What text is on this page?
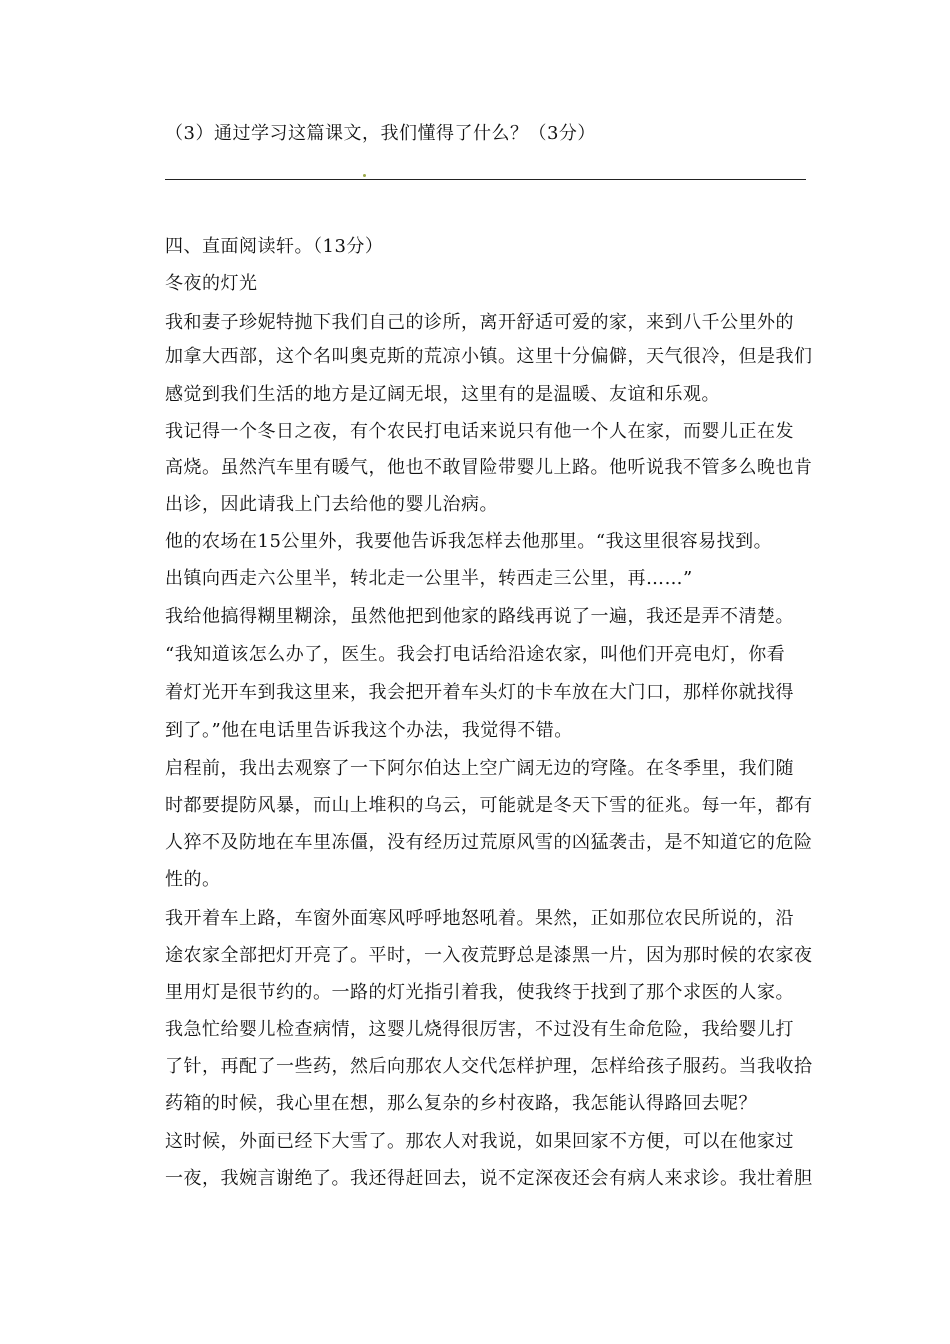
（3）通过学习这篇课文，我们懂得了什么？（3分）
四、直面阅读轩。（13分）
冬夜的灯光
我和妻子珍妮特抛下我们自己的诊所，离开舒适可爱的家，来到八千公里外的
加拿大西部，这个名叫奥克斯的荒凉小镇。这里十分偏僻，天气很冷，但是我们
感觉到我们生活的地方是辽阔无垠，这里有的是温暖、友谊和乐观。
我记得一个冬日之夜，有个农民打电话来说只有他一个人在家，而婴儿正在发
高烧。虽然汽车里有暖气，他也不敢冒险带婴儿上路。他听说我不管多么晚也肯
出诊，因此请我上门去给他的婴儿治病。
他的农场在15公里外，我要他告诉我怎样去他那里。“我这里很容易找到。
出镇向西走六公里半，转北走一公里半，转西走三公里，再……”
我给他搞得糊里糊涂，虽然他把到他家的路线再说了一遍，我还是弄不清楚。
“我知道该怎么办了，医生。我会打电话给沿途农家，叫他们开亮电灯，你看
着灯光开车到我这里来，我会把开着车头灯的卡车放在大门口，那样你就找得
到了。”他在电话里告诉我这个办法，我觉得不错。
启程前，我出去观察了一下阿尔伯达上空广阔无边的穹隆。在冬季里，我们随
时都要提防风暴，而山上堆积的乌云，可能就是冬天下雪的征兆。每一年，都有
人猝不及防地在车里冻僵，没有经历过荒原风雪的凶猛袭击，是不知道它的危险
性的。
我开着车上路，车窗外面寒风呼呼地怒吼着。果然，正如那位农民所说的，沿
途农家全部把灯开亮了。平时，一入夜荒野总是漆黑一片，因为那时候的农家夜
里用灯是很节约的。一路的灯光指引着我，使我终于找到了那个求医的人家。
我急忙给婴儿检查病情，这婴儿烧得很厉害，不过没有生命危险，我给婴儿打
了针，再配了一些药，然后向那农人交代怎样护理，怎样给孩子服药。当我收拾
药箱的时候，我心里在想，那么复杂的乡村夜路，我怎能认得路回去呢？
这时候，外面已经下大雪了。那农人对我说，如果回家不方便，可以在他家过
一夜，我婉言谢绝了。我还得赶回去，说不定深夜还会有病人来求诊。我壮着胆
